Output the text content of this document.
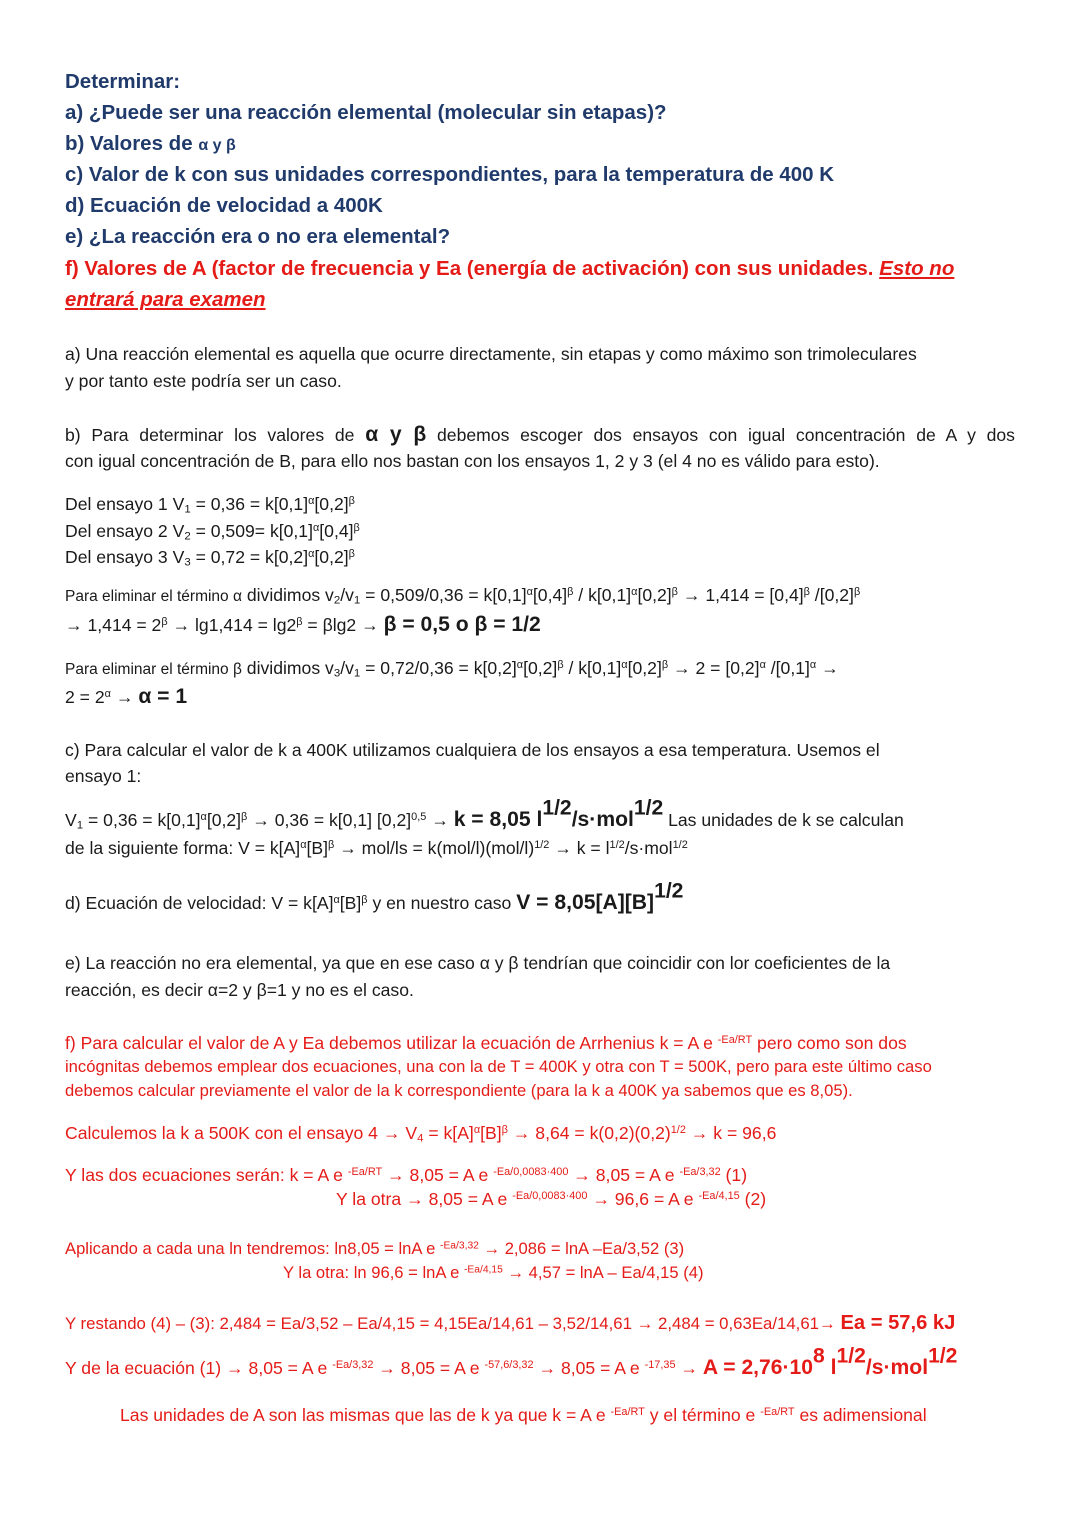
Determinar:
a) ¿Puede ser una reacción elemental (molecular sin etapas)?
b) Valores de α y β
c) Valor de k con sus unidades correspondientes, para la temperatura de 400 K
d) Ecuación de velocidad a 400K
e) ¿La reacción era o no era elemental?
f) Valores de A (factor de frecuencia y Ea (energía de activación) con sus unidades. Esto no
entrará para examen
a) Una reacción elemental es aquella que ocurre directamente, sin etapas y como máximo son trimoleculares
y por tanto este podría ser un caso.
b) Para determinar los valores de α y β debemos escoger dos ensayos con igual concentración de A y dos
con igual concentración de B, para ello nos bastan con los ensayos 1, 2 y 3 (el 4 no es válido para esto).
Del ensayo 1 $V_1 = 0,36 = k[0,1]^\alpha[0,2]^\beta$
Del ensayo 2 $V_2 = 0,509= k[0,1]^\alpha[0,4]^\beta$
Del ensayo 3 $V_3 = 0,72 = k[0,2]^\alpha[0,2]^\beta$
Para eliminar el término α dividimos $v_2/v_1 = 0,509/0,36 = k[0,1]^\alpha[0,4]^\beta / k[0,1]^\alpha[0,2]^\beta \to 1,414 = [0,4]^\beta$ $/[0,2]^\beta$
→ $1,414 = 2^\beta \to \lg 1,414 = \lg 2^\beta = \beta\lg 2 \to \beta = 0,5$ o β = 1/2
Para eliminar el término β dividimos $v_3/v_1 = 0,72/0,36 = k[0,2]^\alpha[0,2]^\beta / k[0,1]^\alpha[0,2]^\beta \to 2 = [0,2]^\alpha$ $/[0,1]^\alpha$ →
$2 = 2^\alpha \to \alpha = 1$
c) Para calcular el valor de k a 400K utilizamos cualquiera de los ensayos a esa temperatura. Usemos el
ensayo 1:
$V_1 = 0,36 = k[0,1]^\alpha[0,2]^\beta \to 0,36 = k[0,1] [0,2]^{0,5} \to k = 8,05$ l1/2/s·mol1/2 Las unidades de k se calculan
de la siguiente forma: $V = k[A]^\alpha[B]^\beta \to mol/ls = k(mol/l)(mol/l)^{1/2} \to k = l^{1/2}/s\cdot mol^{1/2}$
d) Ecuación de velocidad: $V = k[A]^\alpha[B]^\beta$ y en nuestro caso V = 8,05[A][B]1/2
e) La reacción no era elemental, ya que en ese caso α y β tendrían que coincidir con lor coeficientes de la
reacción, es decir α=2 y β=1 y no es el caso.
f) Para calcular el valor de A y Ea debemos utilizar la ecuación de Arrhenius k = A e $^{-Ea/RT}$ pero como son dos
incógnitas debemos emplear dos ecuaciones, una con la de T = 400K y otra con T = 500K, pero para este último caso
debemos calcular previamente el valor de la k correspondiente (para la k a 400K ya sabemos que es 8,05).
Calculemos la k a 500K con el ensayo $4 \to V_4 = k[A]^\alpha[B]^\beta \to 8,64 = k(0,2)(0,2)^{1/2} \to k = 96,6$
Y las dos ecuaciones serán: k = A e $^{-Ea/RT}$ → 8,05 = A e $^{-Ea/0,0083\cdot 400}$ → 8,05 = A e $^{-Ea/3,32}$ (1)
Y la otra → 8,05 = A e $^{-Ea/0,0083\cdot 400}$ → 96,6 = A e $^{-Ea/4,15}$ (2)
Aplicando a cada una ln tendremos: ln8,05 = lnA e $^{-Ea/3,32}$ → 2,086 = lnA –Ea/3,52 (3)
Y la otra: ln 96,6 = lnA e $^{-Ea/4,15}$ → 4,57 = lnA – Ea/4,15 (4)
Y restando (4) – (3): 2,484 = Ea/3,52 – Ea/4,15 = 4,15Ea/14,61 – 3,52/14,61 → 2,484 = 0,63Ea/14,61→ Ea = 57,6 kJ
Y de la ecuación (1) → 8,05 = A e $^{-Ea/3,32}$ → 8,05 = A e $^{-57,6/3,32}$ → 8,05 = A e $^{-17,35}$ → A = 2,76·108 l1/2/s·mol1/2
Las unidades de A son las mismas que las de k ya que k = A e $^{-Ea/RT}$ y el término e $^{-Ea/RT}$ es adimensional
